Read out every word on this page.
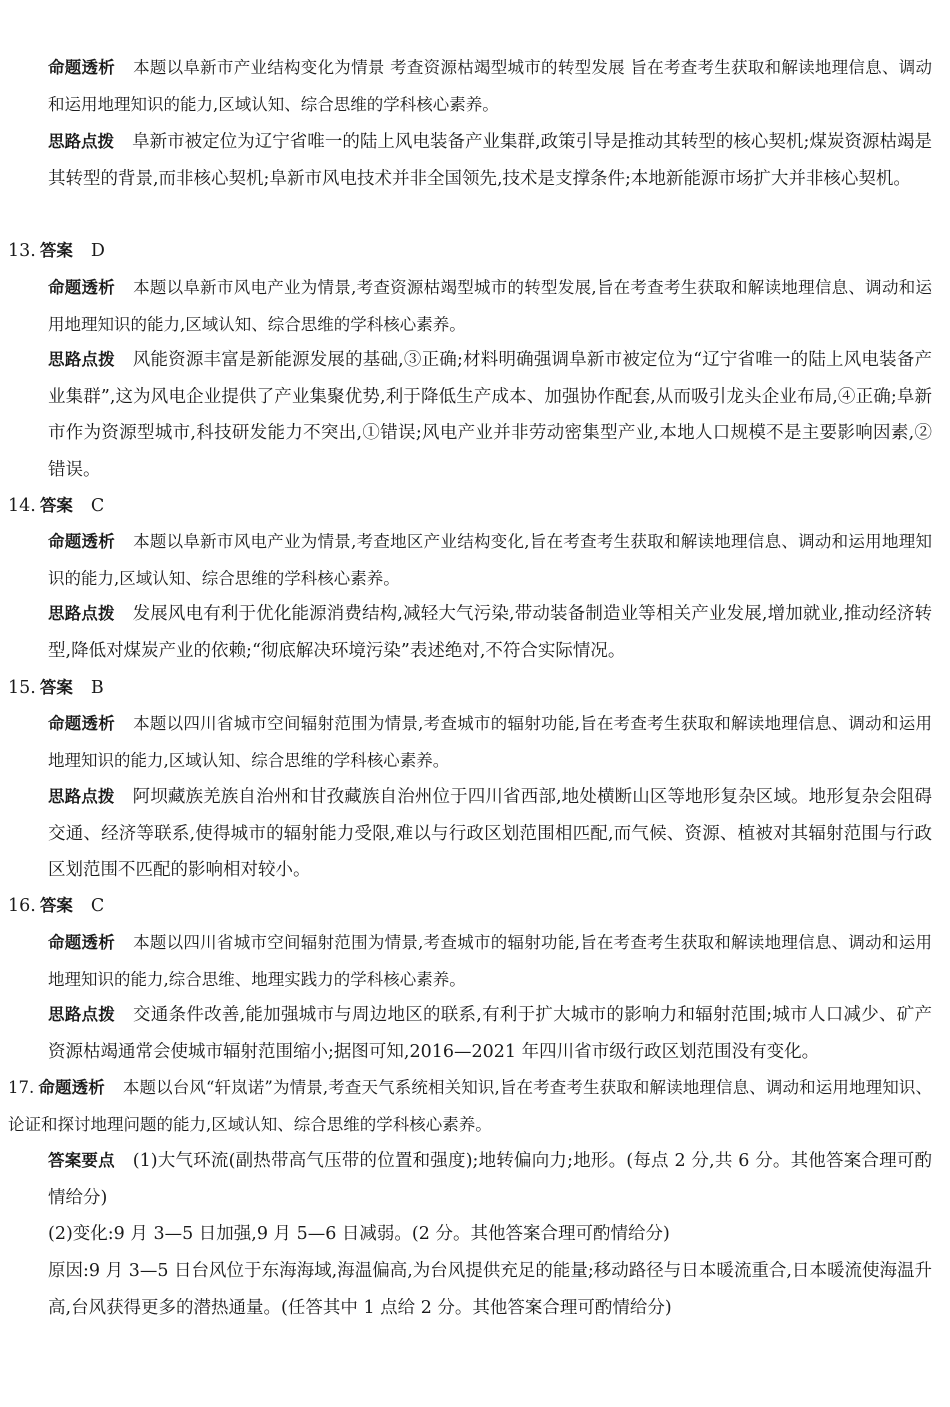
命题透析 本题以阜新市产业结构变化为情景 考查资源枯竭型城市的转型发展 旨在考查考生获取和解读地理信息、调动和运用地理知识的能力,区域认知、综合思维的学科核心素养。

思路点拨 阜新市被定位为辽宁省唯一的陆上风电装备产业集群,政策引导是推动其转型的核心契机;煤炭资源枯竭是其转型的背景,而非核心契机;阜新市风电技术并非全国领先,技术是支撑条件;本地新能源市场扩大并非核心契机。

13. 答案 D

命题透析 本题以阜新市风电产业为情景,考查资源枯竭型城市的转型发展,旨在考查考生获取和解读地理信息、调动和运用地理知识的能力,区域认知、综合思维的学科核心素养。

思路点拨 风能资源丰富是新能源发展的基础,③正确;材料明确强调阜新市被定位为“辽宁省唯一的陆上风电装备产业集群”,这为风电企业提供了产业集聚优势,利于降低生产成本、加强协作配套,从而吸引龙头企业布局,④正确;阜新市作为资源型城市,科技研发能力不突出,①错误;风电产业并非劳动密集型产业,本地人口规模不是主要影响因素,②错误。

14. 答案 C

命题透析 本题以阜新市风电产业为情景,考查地区产业结构变化,旨在考查考生获取和解读地理信息、调动和运用地理知识的能力,区域认知、综合思维的学科核心素养。

思路点拨 发展风电有利于优化能源消费结构,减轻大气污染,带动装备制造业等相关产业发展,增加就业,推动经济转型,降低对煤炭产业的依赖;“彻底解决环境污染”表述绝对,不符合实际情况。

15. 答案 B

命题透析 本题以四川省城市空间辐射范围为情景,考查城市的辐射功能,旨在考查考生获取和解读地理信息、调动和运用地理知识的能力,区域认知、综合思维的学科核心素养。

思路点拨 阿坝藏族羌族自治州和甘孜藏族自治州位于四川省西部,地处横断山区等地形复杂区域。地形复杂会阻碍交通、经济等联系,使得城市的辐射能力受限,难以与行政区划范围相匹配,而气候、资源、植被对其辐射范围与行政区划范围不匹配的影响相对较小。

16. 答案 C

命题透析 本题以四川省城市空间辐射范围为情景,考查城市的辐射功能,旨在考查考生获取和解读地理信息、调动和运用地理知识的能力,综合思维、地理实践力的学科核心素养。

思路点拨 交通条件改善,能加强城市与周边地区的联系,有利于扩大城市的影响力和辐射范围;城市人口减少、矿产资源枯竭通常会使城市辐射范围缩小;据图可知,2016—2021 年四川省市级行政区划范围没有变化。

17. 命题透析 本题以台风“轩岚诺”为情景,考查天气系统相关知识,旨在考查考生获取和解读地理信息、调动和运用地理知识、论证和探讨地理问题的能力,区域认知、综合思维的学科核心素养。

答案要点 (1)大气环流(副热带高气压带的位置和强度);地转偏向力;地形。(每点 2 分,共 6 分。其他答案合理可酌情给分)

(2)变化:9 月 3—5 日加强,9 月 5—6 日减弱。(2 分。其他答案合理可酌情给分)

原因:9 月 3—5 日台风位于东海海域,海温偏高,为台风提供充足的能量;移动路径与日本暖流重合,日本暖流使海温升高,台风获得更多的潜热通量。(任答其中 1 点给 2 分。其他答案合理可酌情给分)
